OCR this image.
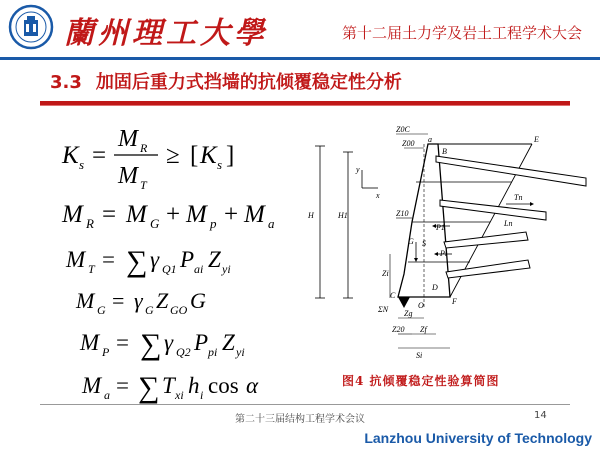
蘭州理工大學	第十二届土力学及岩土工程学术大会
3.3 加固后重力式挡墙的抗倾覆稳定性分析
K s =
M R
M T
≥ [ K s ]
M R = M G + M p + M a
M T = ∑ γ Q1 P ai Z yi
M G = γ G Z GO G
M P = ∑ γ Q2 P pi Z yi
M a = ∑ T xi h i cos α
H	H1
y
x	Tn
Ln
Z0C
Z00
Z10
a
B
E
P1
Pi
G S
Zi
D
C
F
O
ΣN Zg
Z20 Zf
Si
图4 抗倾覆稳定性验算简图
第二十三届结构工程学术会议	14
Lanzhou University of Technology
